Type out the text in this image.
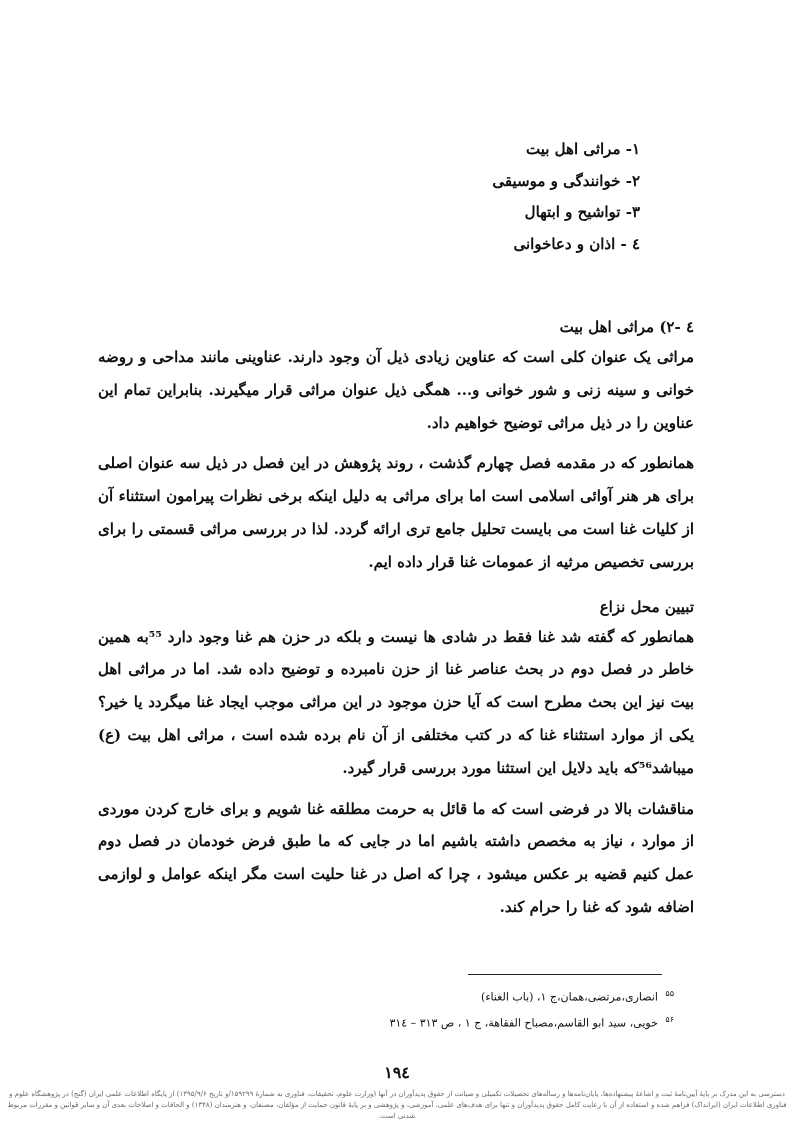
۱- مراثی اهل بیت
۲- خوانندگی و موسیقی
۳- تواشیح و ابتهال
٤ - اذان و دعاخوانی
٤ -۲) مراثی اهل بیت
مراثی یک عنوان کلی است که عناوین زیادی ذیل آن وجود دارند. عناوینی مانند مداحی و روضه خوانی و سینه زنی و شور خوانی و... همگی ذیل عنوان مراثی قرار میگیرند. بنابراین تمام این عناوین را در ذیل مراثی توضیح خواهیم داد.
همانطور که در مقدمه فصل چهارم گذشت ، روند پژوهش در این فصل در ذیل سه عنوان اصلی برای هر هنر آوائی اسلامی است اما برای مراثی به دلیل اینکه برخی نظرات پیرامون استثناء آن از کلیات غنا است می بایست تحلیل جامع تری ارائه گردد. لذا در بررسی مراثی قسمتی را برای بررسی تخصیص مرثیه از عمومات غنا قرار داده ایم.
تبیین محل نزاع
همانطور که گفته شد غنا فقط در شادی ها نیست و بلکه در حزن هم غنا وجود دارد ⁵⁵به همین خاطر در فصل دوم در بحث عناصر غنا از حزن نامبرده و توضیح داده شد. اما در مراثی اهل بیت نیز این بحث مطرح است که آیا حزن موجود در این مراثی موجب ایجاد غنا میگردد یا خیر؟ یکی از موارد استثناء غنا که در کتب مختلفی از آن نام برده شده است ، مراثی اهل بیت (ع) میباشد⁵⁶که باید دلایل این استثنا مورد بررسی قرار گیرد.
مناقشات بالا در فرضی است که ما قائل به حرمت مطلقه غنا شویم و برای خارج کردن موردی از موارد ، نیاز به مخصص داشته باشیم اما در جایی که ما طبق فرض خودمان در فصل دوم عمل کنیم قضیه بر عکس میشود ، چرا که اصل در غنا حلیت است مگر اینکه عوامل و لوازمی اضافه شود که غنا را حرام کند.
$^{۵۵}$ انصاری،مرتضی،همان،ج ۱، (باب الغناء)
$^{۵۶}$ خویی، سید ابو القاسم،مصباح الفقاهة، ج ۱ ، ص ۳۱۳ – ۳۱٤
۱۹٤
دسترسی به این مدرک بر پایهٔ آیین‌نامهٔ ثبت و اشاعهٔ پیشنهاده‌ها، پایان‌نامه‌ها و رساله‌های تحصیلات تکمیلی و صیانت از حقوق پدیدآوران در آنها (وزارت علوم، تحقیقات، فناوری به شمارهٔ ۱۵۹۲۹۹/و تاریخ ۱۳۹۵/۹/۶) از پایگاه اطلاعات علمی ایران (گنج) در پژوهشگاه علوم و فناوری اطلاعات ایران (ایرانداک) فراهم شده و استفاده از آن با رعایت کامل حقوق پدیدآوران و تنها برای هدف‌های علمی، آموزشی، و پژوهشی و بر پایهٔ قانون حمایت از مؤلفان، مصنفان، و هنرمندان (۱۳۴۸) و الحاقات و اصلاحات بعدی آن و سایر قوانین و مقررات مربوط شدنی است.
